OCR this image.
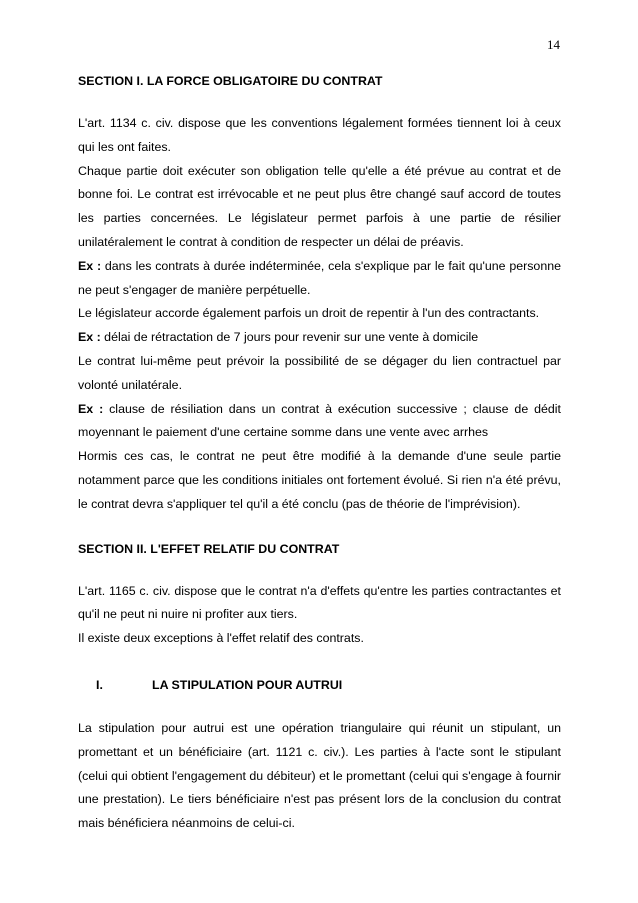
14
SECTION I. LA FORCE OBLIGATOIRE DU CONTRAT

L'art. 1134 c. civ. dispose que les conventions légalement formées tiennent loi à ceux qui les ont faites.

Chaque partie doit exécuter son obligation telle qu'elle a été prévue au contrat et de bonne foi. Le contrat est irrévocable et ne peut plus être changé sauf accord de toutes les parties concernées. Le législateur permet parfois à une partie de résilier unilatéralement le contrat à condition de respecter un délai de préavis.

Ex : dans les contrats à durée indéterminée, cela s'explique par le fait qu'une personne ne peut s'engager de manière perpétuelle.

Le législateur accorde également parfois un droit de repentir à l'un des contractants.

Ex : délai de rétractation de 7 jours pour revenir sur une vente à domicile

Le contrat lui-même peut prévoir la possibilité de se dégager du lien contractuel par volonté unilatérale.

Ex : clause de résiliation dans un contrat à exécution successive ; clause de dédit moyennant le paiement d'une certaine somme dans une vente avec arrhes

Hormis ces cas, le contrat ne peut être modifié à la demande d'une seule partie notamment parce que les conditions initiales ont fortement évolué. Si rien n'a été prévu, le contrat devra s'appliquer tel qu'il a été conclu (pas de théorie de l'imprévision).

SECTION II. L'EFFET RELATIF DU CONTRAT

L'art. 1165 c. civ. dispose que le contrat n'a d'effets qu'entre les parties contractantes et qu'il ne peut ni nuire ni profiter aux tiers.

Il existe deux exceptions à l'effet relatif des contrats.

I.	LA STIPULATION POUR AUTRUI

La stipulation pour autrui est une opération triangulaire qui réunit un stipulant, un promettant et un bénéficiaire (art. 1121 c. civ.). Les parties à l'acte sont le stipulant (celui qui obtient l'engagement du débiteur) et le promettant (celui qui s'engage à fournir une prestation). Le tiers bénéficiaire n'est pas présent lors de la conclusion du contrat mais bénéficiera néanmoins de celui-ci.
